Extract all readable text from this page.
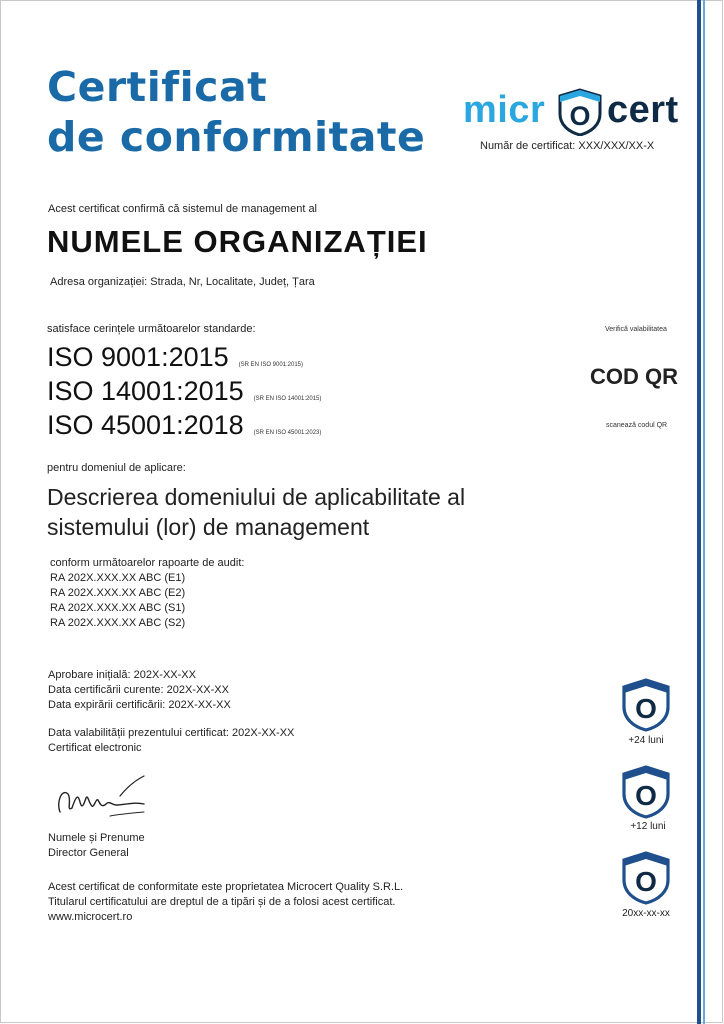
Certificat
de conformitate
micr O cert
Număr de certificat: XXX/XXX/XX-X
Acest certificat confirmă că sistemul de management al
NUMELE ORGANIZAȚIEI
Adresa organizației: Strada, Nr, Localitate, Județ, Țara
satisface cerințele următoarelor standarde:
ISO 9001:2015 (SR EN ISO 9001:2015)
ISO 14001:2015 (SR EN ISO 14001:2015)
ISO 45001:2018 (SR EN ISO 45001:2023)
Verifică valabilitatea
COD QR
scanează codul QR
pentru domeniul de aplicare:
Descrierea domeniului de aplicabilitate al
sistemului (lor) de management
conform următoarelor rapoarte de audit:
RA 202X.XXX.XX ABC (E1)
RA 202X.XXX.XX ABC (E2)
RA 202X.XXX.XX ABC (S1)
RA 202X.XXX.XX ABC (S2)
Aprobare inițială: 202X-XX-XX
Data certificării curente: 202X-XX-XX
Data expirării certificării: 202X-XX-XX
Data valabilității prezentului certificat: 202X-XX-XX
Certificat electronic
Numele și Prenume
Director General
Acest certificat de conformitate este proprietatea Microcert Quality S.R.L.
Titularul certificatului are dreptul de a tipări și de a folosi acest certificat.
www.microcert.ro
O
+24 luni
O
+12 luni
O
20xx-xx-xx
